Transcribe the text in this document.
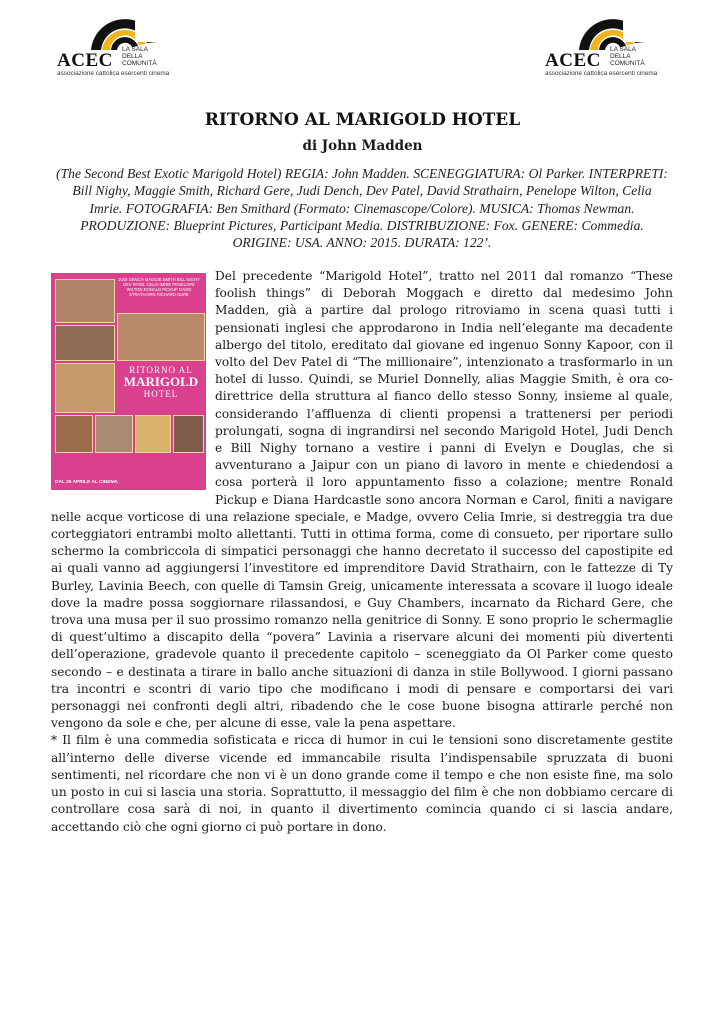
ACEC
LA SALA
DELLA
COMUNITÀ
associazione cattolica esercenti cinema
ACEC
LA SALA
DELLA
COMUNITÀ
associazione cattolica esercenti cinema
RITORNO AL MARIGOLD HOTEL
di John Madden
(The Second Best Exotic Marigold Hotel) REGIA: John Madden. SCENEGGIATURA: Ol Parker. INTERPRETI: Bill Nighy, Maggie Smith, Richard Gere, Judi Dench, Dev Patel, David Strathairn, Penelope Wilton, Celia Imrie. FOTOGRAFIA: Ben Smithard (Formato: Cinemascope/Colore). MUSICA: Thomas Newman. PRODUZIONE: Blueprint Pictures, Participant Media. DISTRIBUZIONE: Fox. GENERE: Commedia. ORIGINE: USA. ANNO: 2015. DURATA: 122’.
JUDI DENCH MAGGIE SMITH BILL NIGHY DEV PATEL CELIA IMRIE PENELOPE WILTON RONALD PICKUP DAVID STRATHAIRN RICHARD GERE
RITORNO AL
MARIGOLD
HOTEL
DAL 26 APRILE AL CINEMA

Del precedente “Marigold Hotel”, tratto nel 2011 dal romanzo “These foolish things” di Deborah Moggach e diretto dal medesimo John Madden, già a partire dal prologo ritroviamo in scena quasi tutti i pensionati inglesi che approdarono in India nell’elegante ma decadente albergo del titolo, ereditato dal giovane ed ingenuo Sonny Kapoor, con il volto del Dev Patel di “The millionaire”, intenzionato a trasformarlo in un hotel di lusso. Quindi, se Muriel Donnelly, alias Maggie Smith, è ora co-direttrice della struttura al fianco dello stesso Sonny, insieme al quale, considerando l’affluenza di clienti propensi a trattenersi per periodi prolungati, sogna di ingrandirsi nel secondo Marigold Hotel, Judi Dench e Bill Nighy tornano a vestire i panni di Evelyn e Douglas, che si avventurano a Jaipur con un piano di lavoro in mente e chiedendosi a cosa porterà il loro appuntamento fisso a colazione; mentre Ronald Pickup e Diana Hardcastle sono ancora Norman e Carol, finiti a navigare nelle acque vorticose di una relazione speciale, e Madge, ovvero Celia Imrie, si destreggia tra due corteggiatori entrambi molto allettanti. Tutti in ottima forma, come di consueto, per riportare sullo schermo la combriccola di simpatici personaggi che hanno decretato il successo del capostipite ed ai quali vanno ad aggiungersi l’investitore ed imprenditore David Strathairn, con le fattezze di Ty Burley, Lavinia Beech, con quelle di Tamsin Greig, unicamente interessata a scovare il luogo ideale dove la madre possa soggiornare rilassandosi, e Guy Chambers, incarnato da Richard Gere, che trova una musa per il suo prossimo romanzo nella genitrice di Sonny. E sono proprio le schermaglie di quest’ultimo a discapito della “povera” Lavinia a riservare alcuni dei momenti più divertenti dell’operazione, gradevole quanto il precedente capitolo – sceneggiato da Ol Parker come questo secondo – e destinata a tirare in ballo anche situazioni di danza in stile Bollywood. I giorni passano tra incontri e scontri di vario tipo che modificano i modi di pensare e comportarsi dei vari personaggi nei confronti degli altri, ribadendo che le cose buone bisogna attirarle perché non vengono da sole e che, per alcune di esse, vale la pena aspettare.

* Il film è una commedia sofisticata e ricca di humor in cui le tensioni sono discretamente gestite all’interno delle diverse vicende ed immancabile risulta l’indispensabile spruzzata di buoni sentimenti, nel ricordare che non vi è un dono grande come il tempo e che non esiste fine, ma solo un posto in cui si lascia una storia. Soprattutto, il messaggio del film è che non dobbiamo cercare di controllare cosa sarà di noi, in quanto il divertimento comincia quando ci si lascia andare, accettando ciò che ogni giorno ci può portare in dono.
